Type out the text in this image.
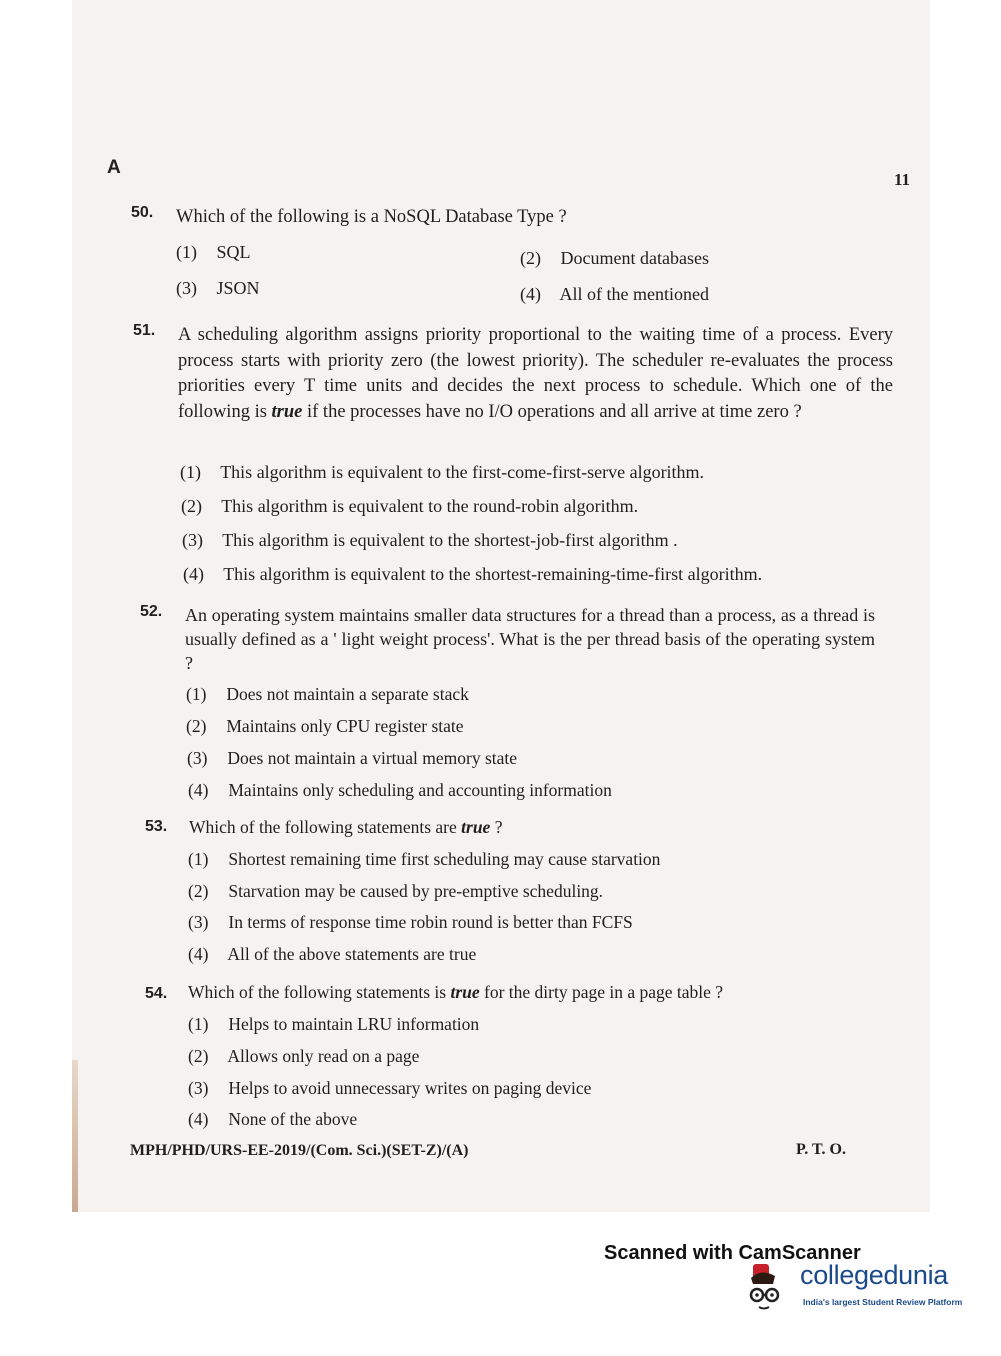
A
11
50. Which of the following is a NoSQL Database Type ?
(1) SQL	(2) Document databases
(3) JSON	(4) All of the mentioned
51. A scheduling algorithm assigns priority proportional to the waiting time of a process. Every process starts with priority zero (the lowest priority). The scheduler re-evaluates the process priorities every T time units and decides the next process to schedule. Which one of the following is true if the processes have no I/O operations and all arrive at time zero ?
(1) This algorithm is equivalent to the first-come-first-serve algorithm.
(2) This algorithm is equivalent to the round-robin algorithm.
(3) This algorithm is equivalent to the shortest-job-first algorithm .
(4) This algorithm is equivalent to the shortest-remaining-time-first algorithm.
52. An operating system maintains smaller data structures for a thread than a process, as a thread is usually defined as a ' light weight process'. What is the per thread basis of the operating system ?
(1) Does not maintain a separate stack
(2) Maintains only CPU register state
(3) Does not maintain a virtual memory state
(4) Maintains only scheduling and accounting information
53. Which of the following statements are true ?
(1) Shortest remaining time first scheduling may cause starvation
(2) Starvation may be caused by pre-emptive scheduling.
(3) In terms of response time robin round is better than FCFS
(4) All of the above statements are true
54. Which of the following statements is true for the dirty page in a page table ?
(1) Helps to maintain LRU information
(2) Allows only read on a page
(3) Helps to avoid unnecessary writes on paging device
(4) None of the above
MPH/PHD/URS-EE-2019/(Com. Sci.)(SET-Z)/(A)	P. T. O.
Scanned with CamScanner
collegedunia
India's largest Student Review Platform
